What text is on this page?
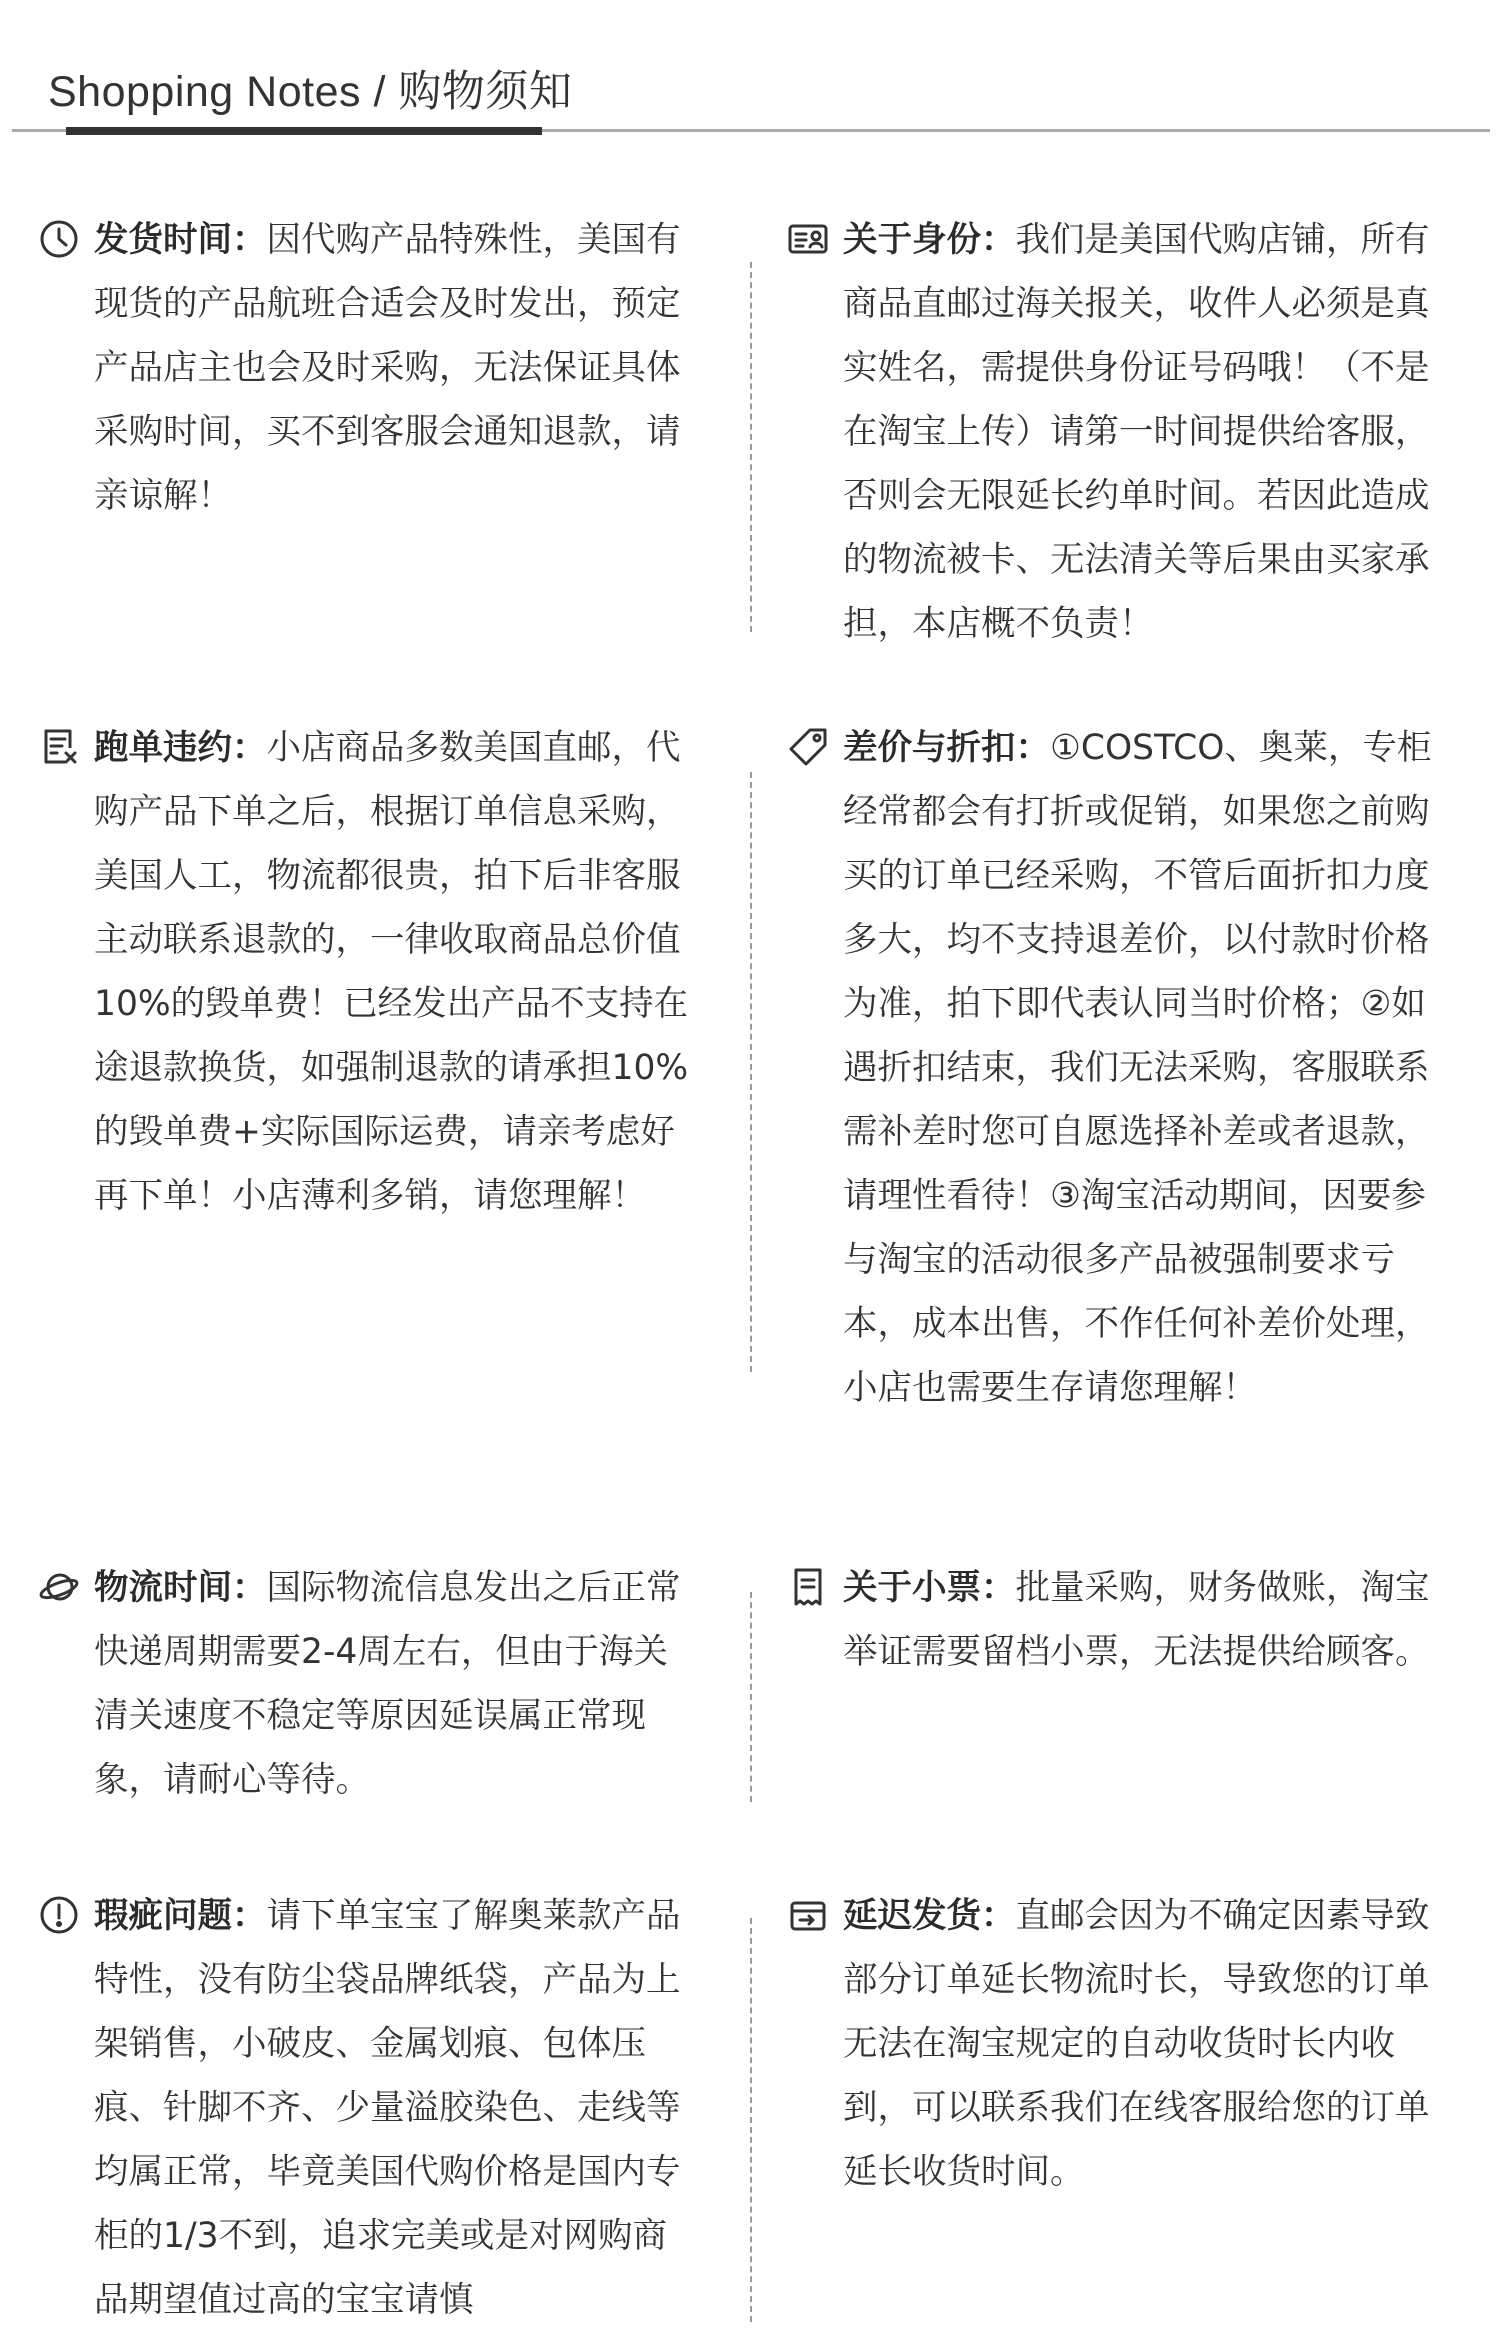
Shopping Notes / 购物须知

发货时间：因代购产品特殊性，美国有现货的产品航班合适会及时发出，预定产品店主也会及时采购，无法保证具体采购时间，买不到客服会通知退款，请亲谅解！

关于身份：我们是美国代购店铺，所有商品直邮过海关报关，收件人必须是真实姓名，需提供身份证号码哦！（不是在淘宝上传）请第一时间提供给客服，否则会无限延长约单时间。若因此造成的物流被卡、无法清关等后果由买家承担，本店概不负责！

跑单违约：小店商品多数美国直邮，代购产品下单之后，根据订单信息采购，美国人工，物流都很贵，拍下后非客服主动联系退款的，一律收取商品总价值10%的毁单费！已经发出产品不支持在途退款换货，如强制退款的请承担10%的毁单费+实际国际运费，请亲考虑好再下单！小店薄利多销，请您理解！

差价与折扣：①COSTCO、奥莱，专柜经常都会有打折或促销，如果您之前购买的订单已经采购，不管后面折扣力度多大，均不支持退差价，以付款时价格为准，拍下即代表认同当时价格；②如遇折扣结束，我们无法采购，客服联系需补差时您可自愿选择补差或者退款，请理性看待！③淘宝活动期间，因要参与淘宝的活动很多产品被强制要求亏本，成本出售，不作任何补差价处理，小店也需要生存请您理解！

物流时间：国际物流信息发出之后正常快递周期需要2-4周左右，但由于海关清关速度不稳定等原因延误属正常现象，请耐心等待。

关于小票：批量采购，财务做账，淘宝举证需要留档小票，无法提供给顾客。

瑕疵问题：请下单宝宝了解奥莱款产品特性，没有防尘袋品牌纸袋，产品为上架销售，小破皮、金属划痕、包体压痕、针脚不齐、少量溢胶染色、走线等均属正常，毕竟美国代购价格是国内专柜的1/3不到，追求完美或是对网购商品期望值过高的宝宝请慎

延迟发货：直邮会因为不确定因素导致部分订单延长物流时长，导致您的订单无法在淘宝规定的自动收货时长内收到，可以联系我们在线客服给您的订单延长收货时间。
